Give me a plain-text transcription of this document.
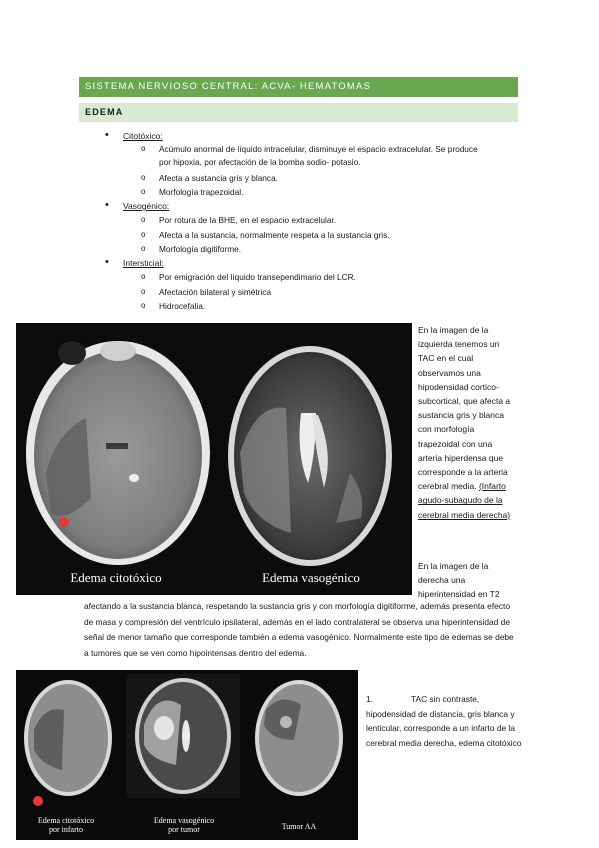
SISTEMA NERVIOSO CENTRAL: ACVA- HEMATOMAS
EDEMA
• Citotóxico:
o Acúmulo anormal de líquido intracelular, disminuye el espacio extracelular. Se produce por hipoxia, por afectación de la bomba sodio- potasio.
o Afecta a sustancia gris y blanca.
o Morfología trapezoidal.
• Vasogénico:
o Por rotura de la BHE, en el espacio extracelular.
o Afecta a la sustancia, normalmente respeta a la sustancia gris.
o Morfología digitiforme.
• Intersticial:
o Por emigración del líquido transependimario del LCR.
o Afectación bilateral y simétrica
o Hidrocefalia.
Edema citotóxico	Edema vasogénico
En la imagen de la izquierda tenemos un TAC en el cual observamos una hipodensidad cortico-subcortical, que afecta a sustancia gris y blanca con morfología trapezoidal con una arteria hiperdensa que corresponde a la arteria cerebral media. (Infarto agudo-subagudo de la cerebral media derecha)
En la imagen de la derecha una hiperintensidad en T2
afectando a la sustancia blanca, respetando la sustancia gris y con morfología digitiforme, además presenta efecto de masa y compresión del ventrículo ipsilateral, además en el lado contralateral se observa una hiperintensidad de señal de menor tamaño que corresponde también a edema vasogénico. Normalmente este tipo de edemas se debe a tumores que se ven como hipointensas dentro del edema.
Edema citotóxico
por infarto
Edema vasogénico
por tumor	Tumor AA
1.	TAC sin contraste, hipodensidad de distancia, gris blanca y lenticular, corresponde a un infarto de la cerebral media derecha, edema citotóxico
